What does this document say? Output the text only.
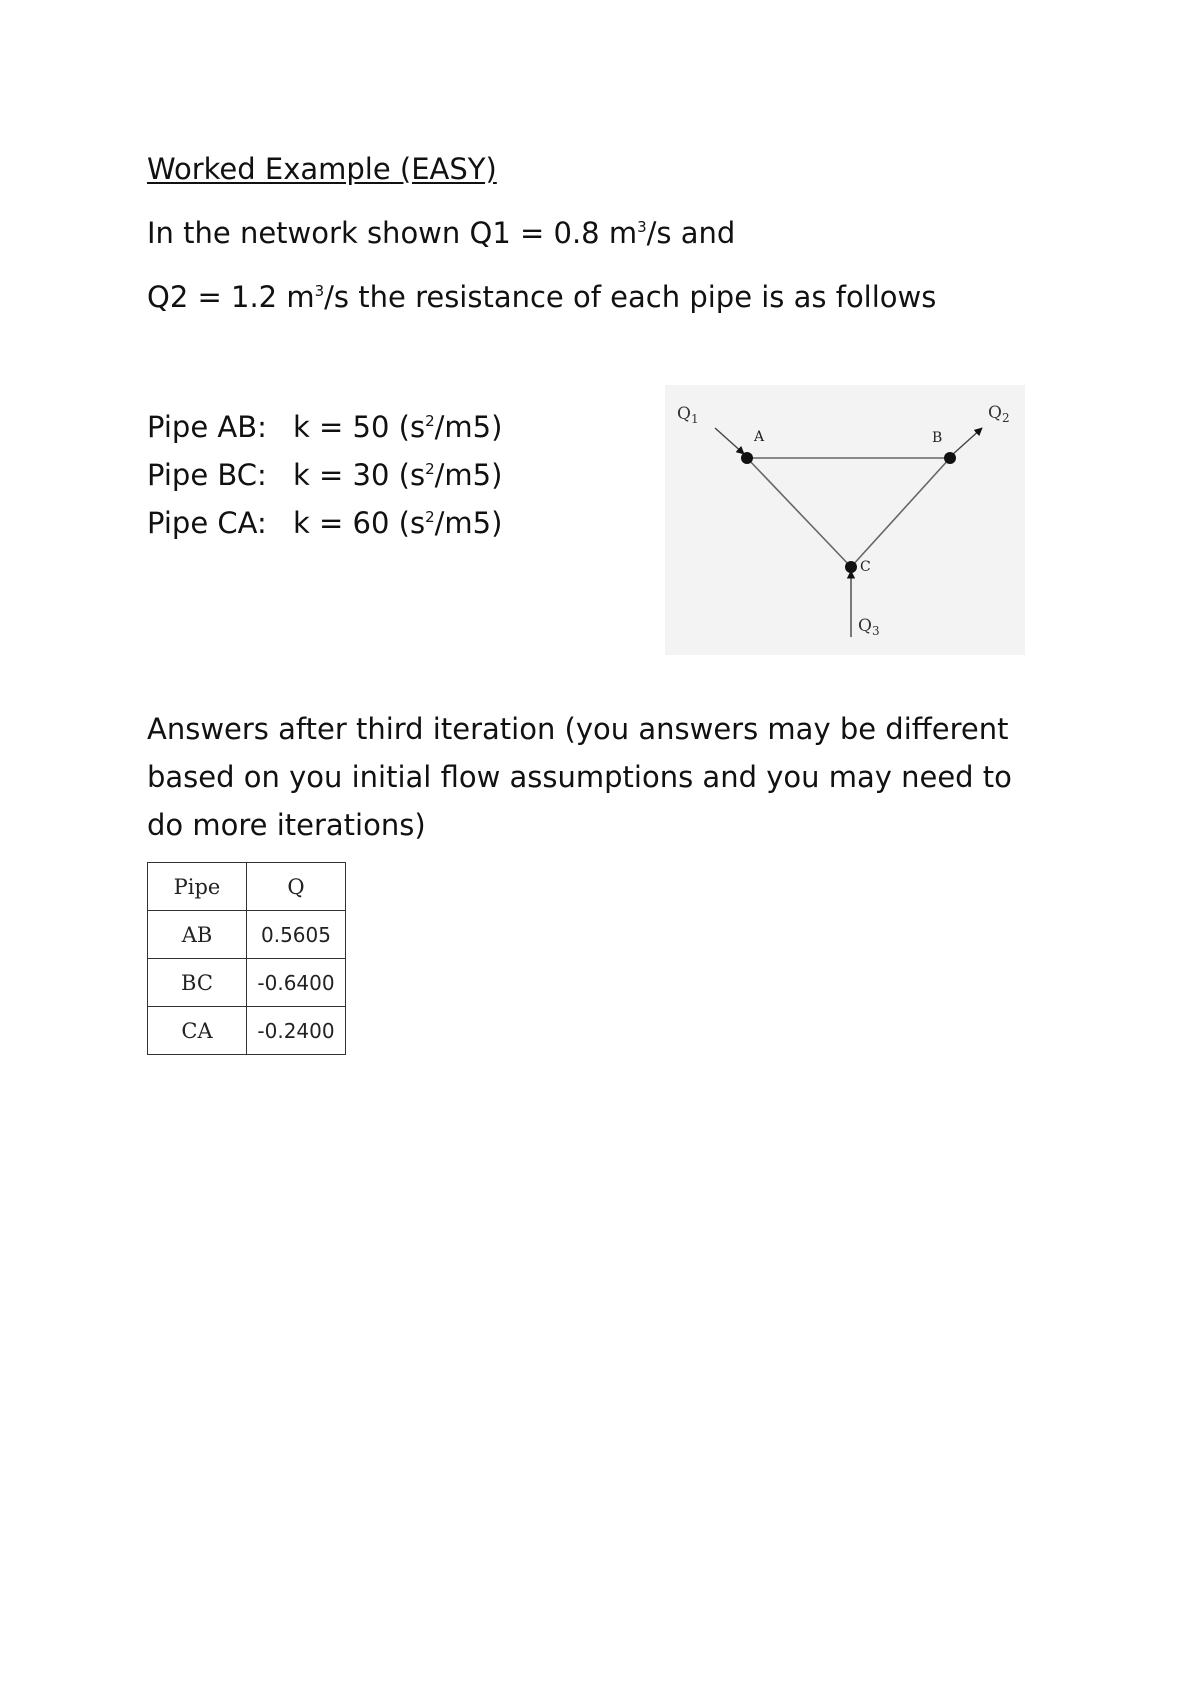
Worked Example (EASY)
In the network shown Q1 = 0.8 $m^3/s$ and
Q2 = 1.2 $m^3/s$ the resistance of each pipe is as follows
Pipe AB: k = 50 $(s^2/m5)$
Pipe BC: k = 30 $(s^2/m5)$
Pipe CA: k = 60 $(s^2/m5)$
A	B
C
$Q_1$	$Q_2$
$Q_3$
Answers after third iteration (you answers may be different based on you initial flow assumptions and you may need to do more iterations)
Pipe	Q
AB	0.5605
BC	-0.6400
CA	-0.2400
